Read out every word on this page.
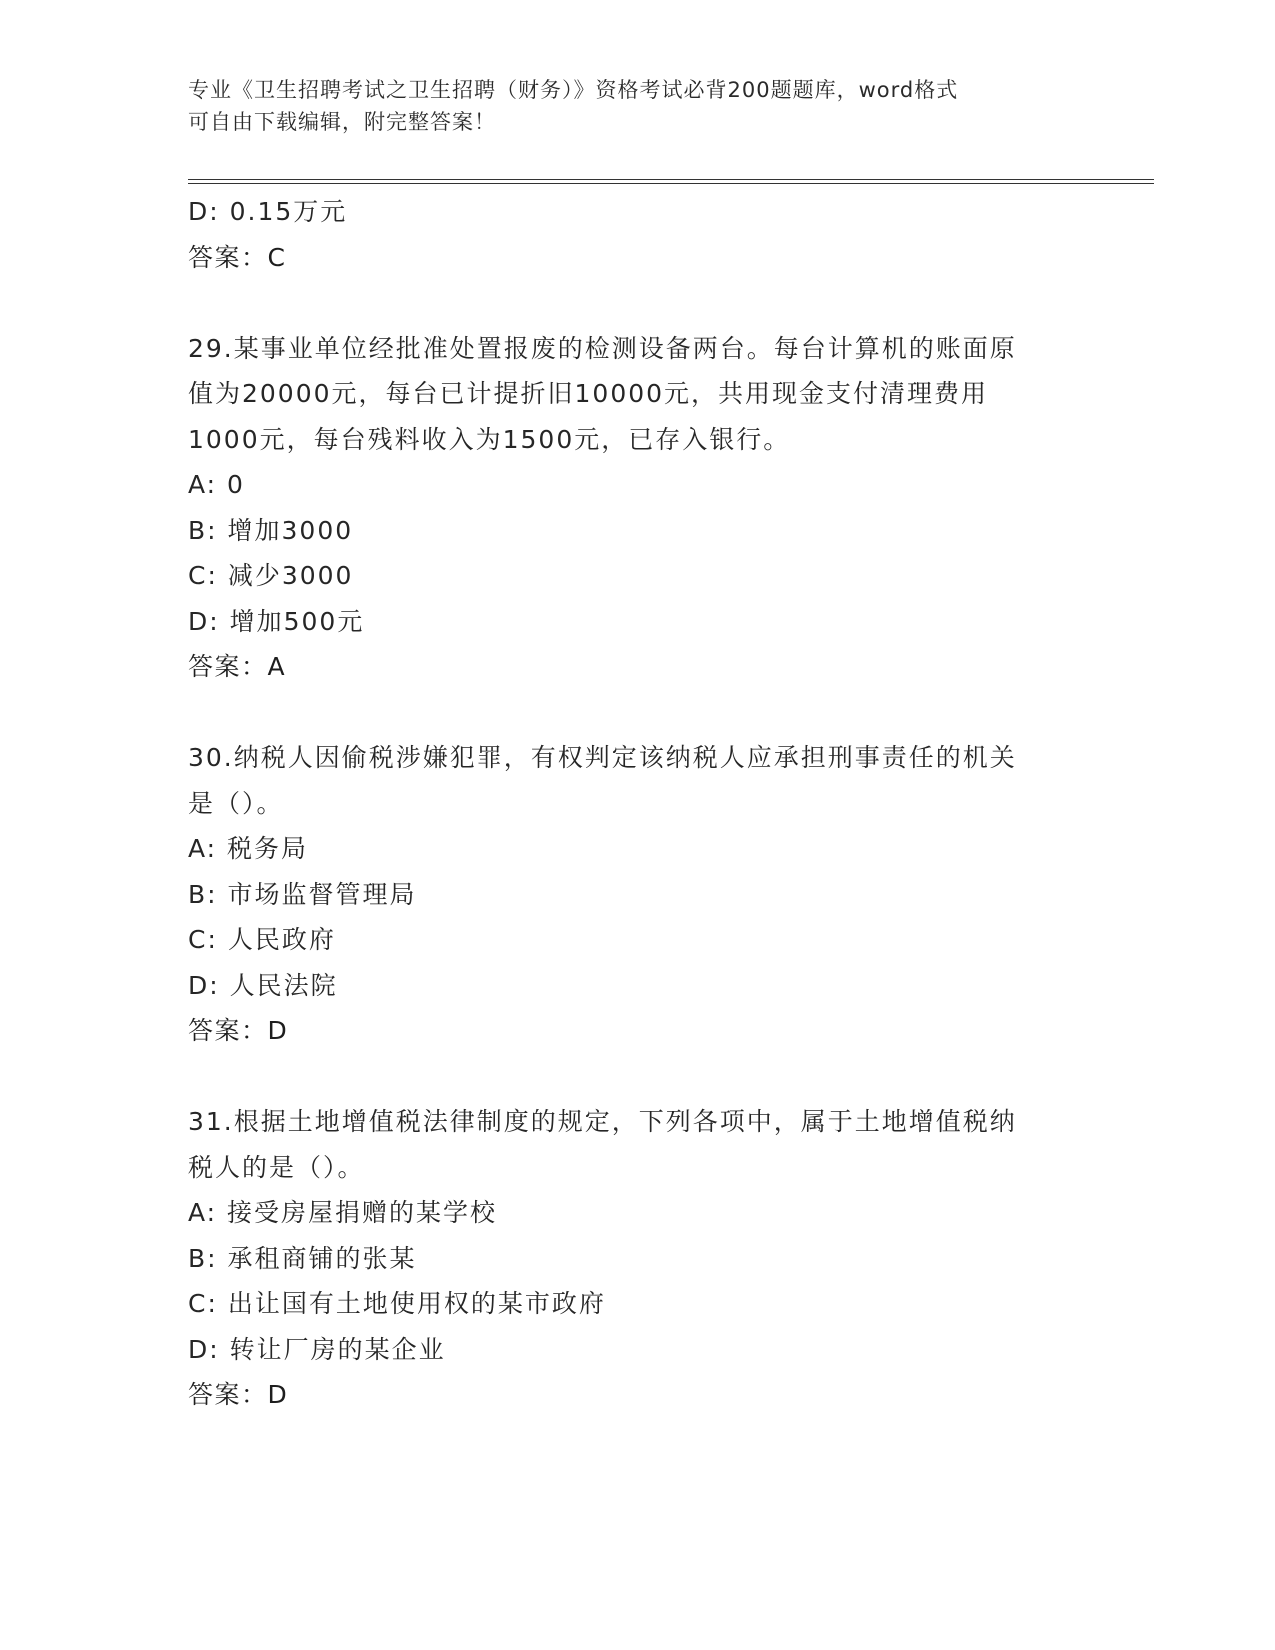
专业《卫生招聘考试之卫生招聘（财务）》资格考试必背200题题库，word格式
可自由下载编辑，附完整答案！
D: 0.15万元
答案：C
29.某事业单位经批准处置报废的检测设备两台。每台计算机的账面原
值为20000元，每台已计提折旧10000元，共用现金支付清理费用
1000元，每台残料收入为1500元，已存入银行。
A: 0
B: 增加3000
C: 减少3000
D: 增加500元
答案：A
30.纳税人因偷税涉嫌犯罪，有权判定该纳税人应承担刑事责任的机关
是（）。
A: 税务局
B: 市场监督管理局
C: 人民政府
D: 人民法院
答案：D
31.根据土地增值税法律制度的规定，下列各项中，属于土地增值税纳
税人的是（）。
A: 接受房屋捐赠的某学校
B: 承租商铺的张某
C: 出让国有土地使用权的某市政府
D: 转让厂房的某企业
答案：D
